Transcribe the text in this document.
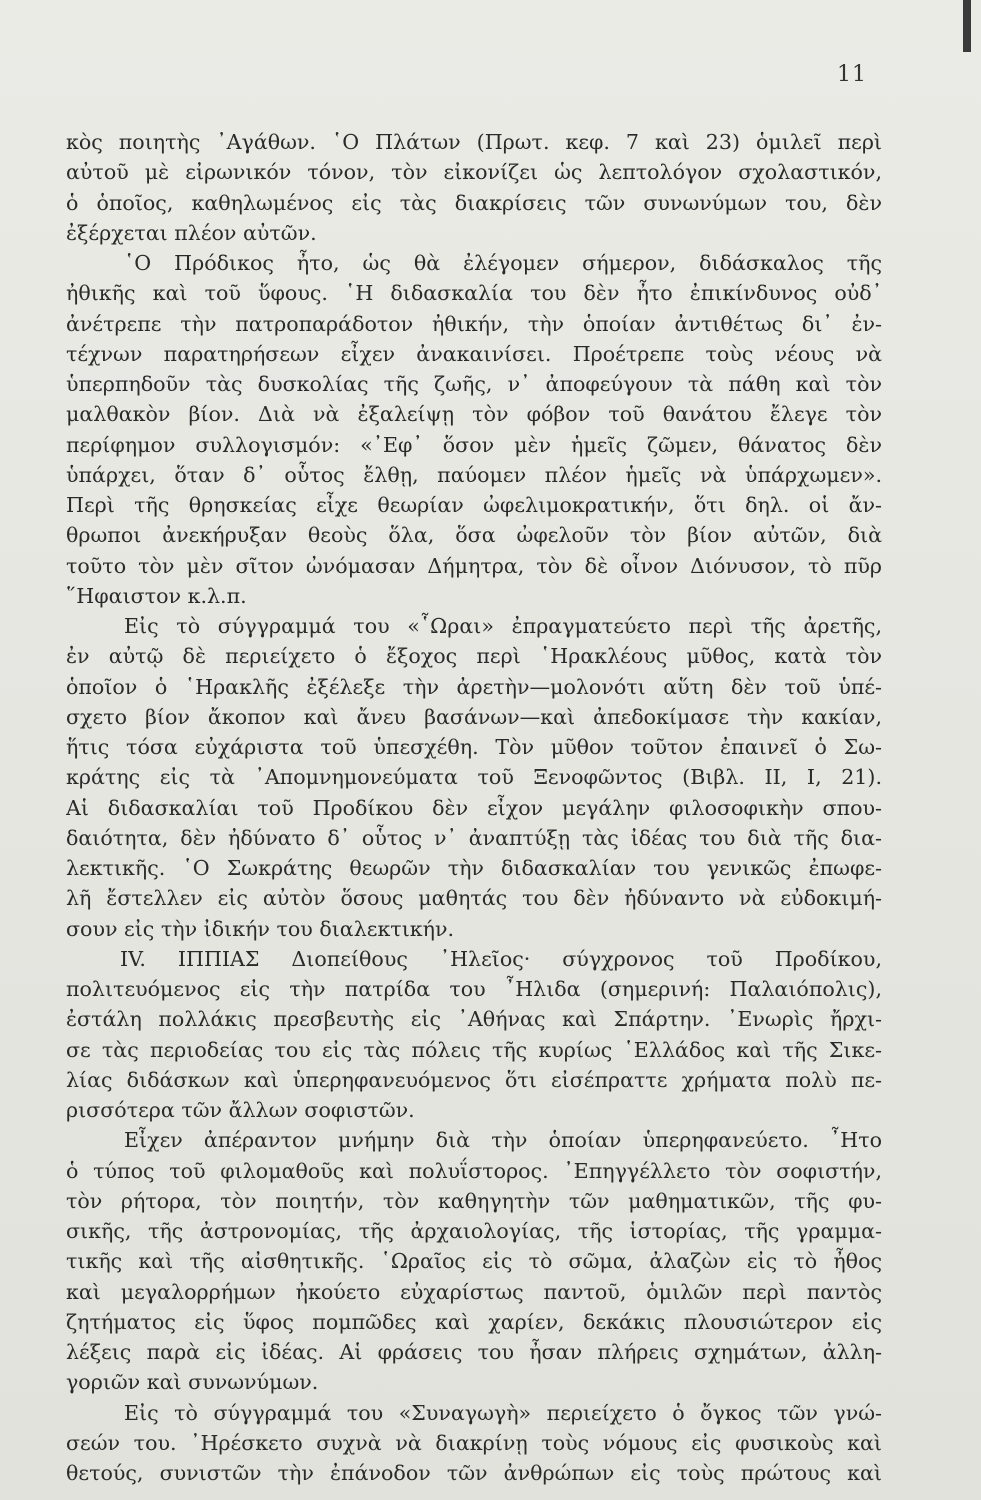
11
κὸς ποιητὴς ᾿Αγάθων. ῾Ο Πλάτων (Πρωτ. κεφ. 7 καὶ 23) ὁμιλεῖ περὶ
αὐτοῦ μὲ εἰρωνικόν τόνον, τὸν εἰκονίζει ὡς λεπτολόγον σχολαστικόν,
ὁ ὁποῖος, καθηλωμένος εἰς τὰς διακρίσεις τῶν συνωνύμων του, δὲν
ἐξέρχεται πλέον αὐτῶν.
῾Ο Πρόδικος ἦτο, ὡς θὰ ἐλέγομεν σήμερον, διδάσκαλος τῆς
ἠθικῆς καὶ τοῦ ὕφους. ῾Η διδασκαλία του δὲν ἦτο ἐπικίνδυνος οὐδ᾿
ἀνέτρεπε τὴν πατροπαράδοτον ἠθικήν, τὴν ὁποίαν ἀντιθέτως δι᾿ ἐν-
τέχνων παρατηρήσεων εἶχεν ἀνακαινίσει. Προέτρεπε τοὺς νέους νὰ
ὑπερπηδοῦν τὰς δυσκολίας τῆς ζωῆς, ν᾿ ἀποφεύγουν τὰ πάθη καὶ τὸν
μαλθακὸν βίον. Διὰ νὰ ἐξαλείψῃ τὸν φόβον τοῦ θανάτου ἔλεγε τὸν
περίφημον συλλογισμόν: «᾿Εφ᾿ ὅσον μὲν ἡμεῖς ζῶμεν, θάνατος δὲν
ὑπάρχει, ὅταν δ᾿ οὗτος ἔλθῃ, παύομεν πλέον ἡμεῖς νὰ ὑπάρχωμεν».
Περὶ τῆς θρησκείας εἶχε θεωρίαν ὠφελιμοκρατικήν, ὅτι δηλ. οἱ ἄν-
θρωποι ἀνεκήρυξαν θεοὺς ὅλα, ὅσα ὠφελοῦν τὸν βίον αὐτῶν, διὰ
τοῦτο τὸν μὲν σῖτον ὠνόμασαν Δήμητρα, τὸν δὲ οἶνον Διόνυσον, τὸ πῦρ
῞Ηφαιστον κ.λ.π.
Εἰς τὸ σύγγραμμά του «῟Ωραι» ἐπραγματεύετο περὶ τῆς ἀρετῆς,
ἐν αὐτῷ δὲ περιείχετο ὁ ἔξοχος περὶ ῾Ηρακλέους μῦθος, κατὰ τὸν
ὁποῖον ὁ ῾Ηρακλῆς ἐξέλεξε τὴν ἀρετὴν—μολονότι αὕτη δὲν τοῦ ὑπέ-
σχετο βίον ἄκοπον καὶ ἄνευ βασάνων—καὶ ἀπεδοκίμασε τὴν κακίαν,
ἥτις τόσα εὐχάριστα τοῦ ὑπεσχέθη. Τὸν μῦθον τοῦτον ἐπαινεῖ ὁ Σω-
κράτης εἰς τὰ ᾿Απομνημονεύματα τοῦ Ξενοφῶντος (Βιβλ. ΙΙ, Ι, 21).
Αἱ διδασκαλίαι τοῦ Προδίκου δὲν εἶχον μεγάλην φιλοσοφικὴν σπου-
δαιότητα, δὲν ἠδύνατο δ᾿ οὗτος ν᾿ ἀναπτύξῃ τὰς ἰδέας του διὰ τῆς δια-
λεκτικῆς. ῾Ο Σωκράτης θεωρῶν τὴν διδασκαλίαν του γενικῶς ἐπωφε-
λῆ ἔστελλεν εἰς αὐτὸν ὅσους μαθητάς του δὲν ἠδύναντο νὰ εὐδοκιμή-
σουν εἰς τὴν ἰδικήν του διαλεκτικήν.
IV. ΙΠΠΙΑΣ Διοπείθους ᾿Ηλεῖος· σύγχρονος τοῦ Προδίκου,
πολιτευόμενος εἰς τὴν πατρίδα του ῏Ηλιδα (σημερινή: Παλαιόπολις),
ἐστάλη πολλάκις πρεσβευτὴς εἰς ᾿Αθήνας καὶ Σπάρτην. ᾿Ενωρὶς ἤρχι-
σε τὰς περιοδείας του εἰς τὰς πόλεις τῆς κυρίως ῾Ελλάδος καὶ τῆς Σικε-
λίας διδάσκων καὶ ὑπερηφανευόμενος ὅτι εἰσέπραττε χρήματα πολὺ πε-
ρισσότερα τῶν ἄλλων σοφιστῶν.
Εἶχεν ἀπέραντον μνήμην διὰ τὴν ὁποίαν ὑπερηφανεύετο. ῏Ητο
ὁ τύπος τοῦ φιλομαθοῦς καὶ πολυΐστορος. ᾿Επηγγέλλετο τὸν σοφιστήν,
τὸν ρήτορα, τὸν ποιητήν, τὸν καθηγητὴν τῶν μαθηματικῶν, τῆς φυ-
σικῆς, τῆς ἀστρονομίας, τῆς ἀρχαιολογίας, τῆς ἱστορίας, τῆς γραμμα-
τικῆς καὶ τῆς αἰσθητικῆς. ῾Ωραῖος εἰς τὸ σῶμα, ἀλαζὼν εἰς τὸ ἦθος
καὶ μεγαλορρήμων ἠκούετο εὐχαρίστως παντοῦ, ὁμιλῶν περὶ παντὸς
ζητήματος εἰς ὕφος πομπῶδες καὶ χαρίεν, δεκάκις πλουσιώτερον εἰς
λέξεις παρὰ εἰς ἰδέας. Αἱ φράσεις του ἦσαν πλήρεις σχημάτων, ἀλλη-
γοριῶν καὶ συνωνύμων.
Εἰς τὸ σύγγραμμά του «Συναγωγὴ» περιείχετο ὁ ὄγκος τῶν γνώ-
σεών του. ᾿Ηρέσκετο συχνὰ νὰ διακρίνῃ τοὺς νόμους εἰς φυσικοὺς καὶ
θετούς, συνιστῶν τὴν ἐπάνοδον τῶν ἀνθρώπων εἰς τοὺς πρώτους καὶ
